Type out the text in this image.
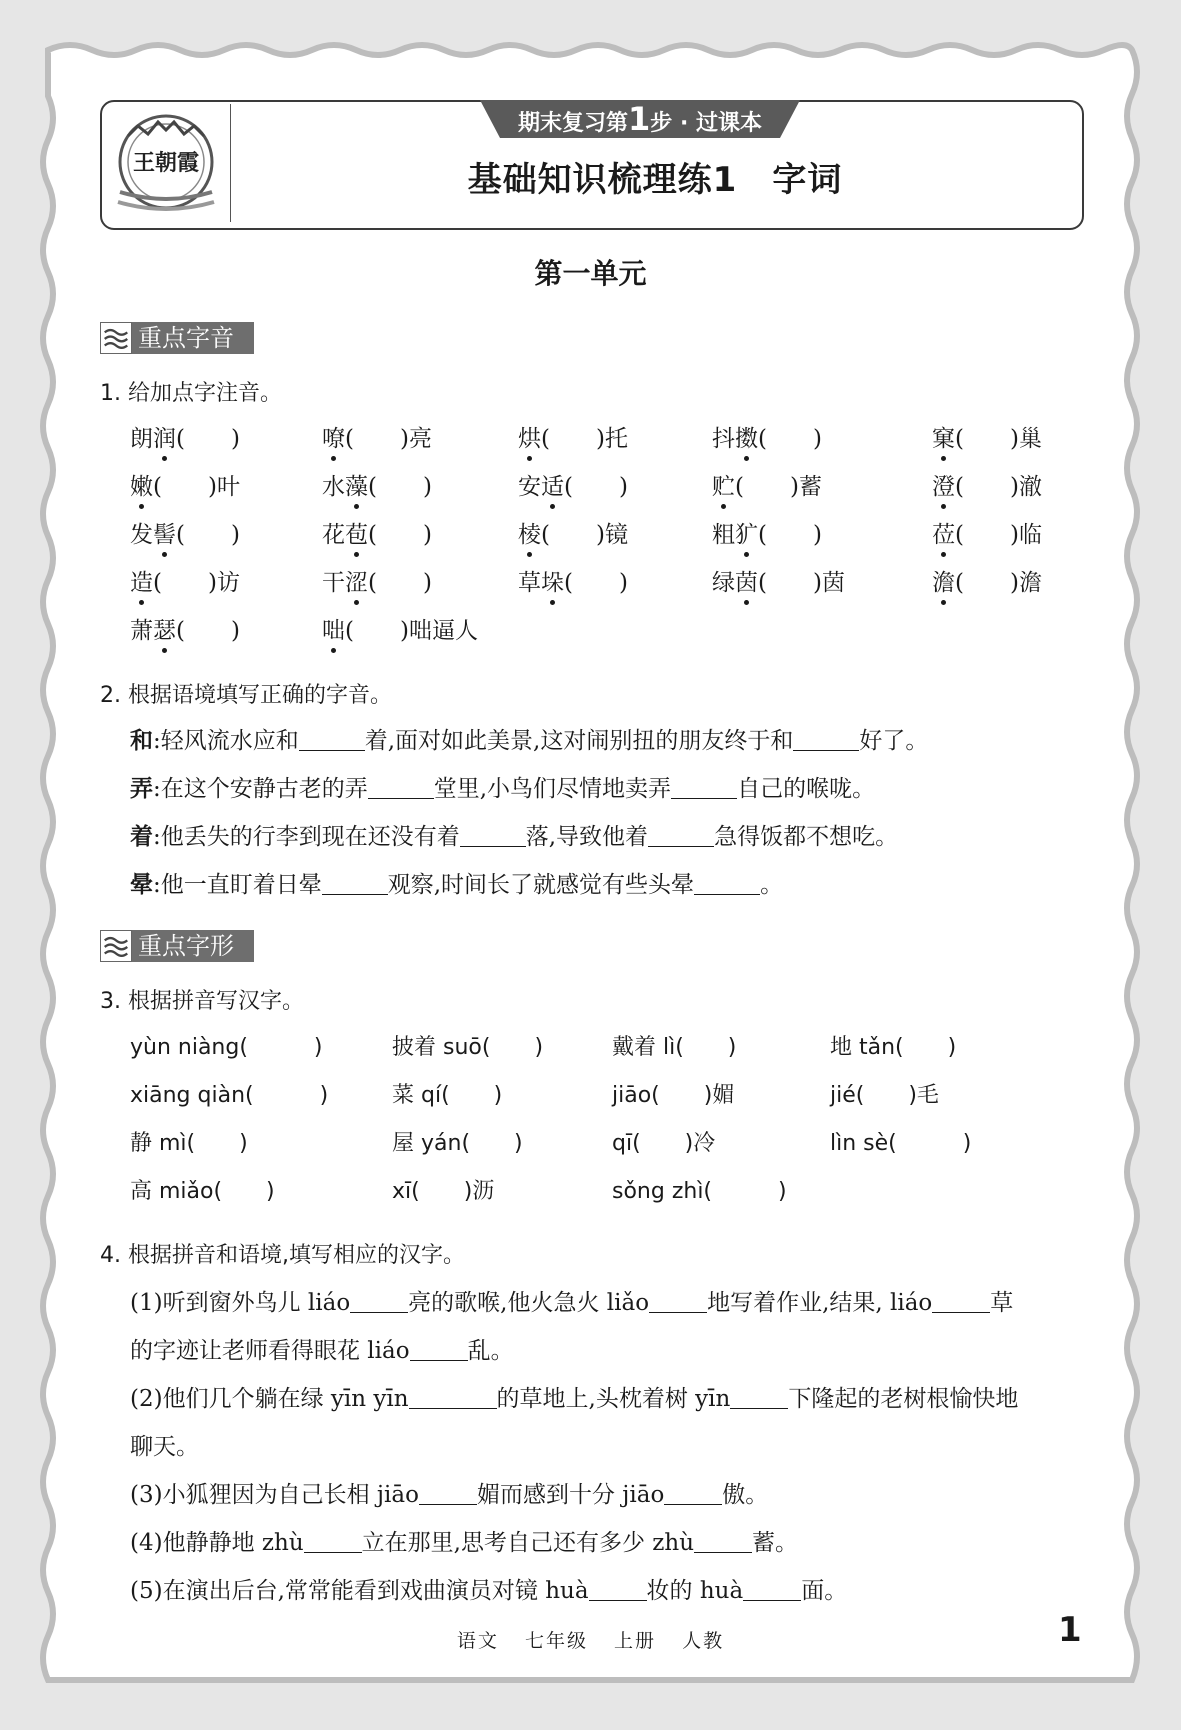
王朝霞
期末复习第1步 · 过课本
基础知识梳理练1　字词
第一单元
重点字音
1. 给加点字注音。
朗润(　　)	嘹(　　)亮	烘(　　)托	抖擞(　　)	窠(　　)巢
嫩(　　)叶	水藻(　　)	安适(　　)	贮(　　)蓄	澄(　　)澈
发髻(　　)	花苞(　　)	棱(　　)镜	粗犷(　　)	莅(　　)临
造(　　)访	干涩(　　)	草垛(　　)	绿茵(　　)茵	澹(　　)澹
萧瑟(　　)	咄(　　)咄逼人
2. 根据语境填写正确的字音。
和:轻风流水应和	着,面对如此美景,这对闹别扭的朋友终于和	好了。
弄:在这个安静古老的弄	堂里,小鸟们尽情地卖弄	自己的喉咙。
着:他丢失的行李到现在还没有着	落,导致他着	急得饭都不想吃。
晕:他一直盯着日晕	观察,时间长了就感觉有些头晕	。
重点字形
3. 根据拼音写汉字。
yùn niàng(　　　)	披着 suō(　　)	戴着 lì(　　)	地 tǎn(　　)
xiāng qiàn(　　　)	菜 qí(　　)	jiāo(　　)媚	jié(　　)毛
静 mì(　　)	屋 yán(　　)	qī(　　)冷	lìn sè(　　　)
高 miǎo(　　)	xī(　　)沥	sǒng zhì(　　　)
4. 根据拼音和语境,填写相应的汉字。
(1)听到窗外鸟儿 liáo	亮的歌喉,他火急火 liǎo	地写着作业,结果, liáo	草
的字迹让老师看得眼花 liáo	乱。
(2)他们几个躺在绿 yīn yīn	的草地上,头枕着树 yīn	下隆起的老树根愉快地
聊天。
(3)小狐狸因为自己长相 jiāo	媚而感到十分 jiāo	傲。
(4)他静静地 zhù	立在那里,思考自己还有多少 zhù	蓄。
(5)在演出后台,常常能看到戏曲演员对镜 huà	妆的 huà	面。
语文 七年级 上册 人教	1
